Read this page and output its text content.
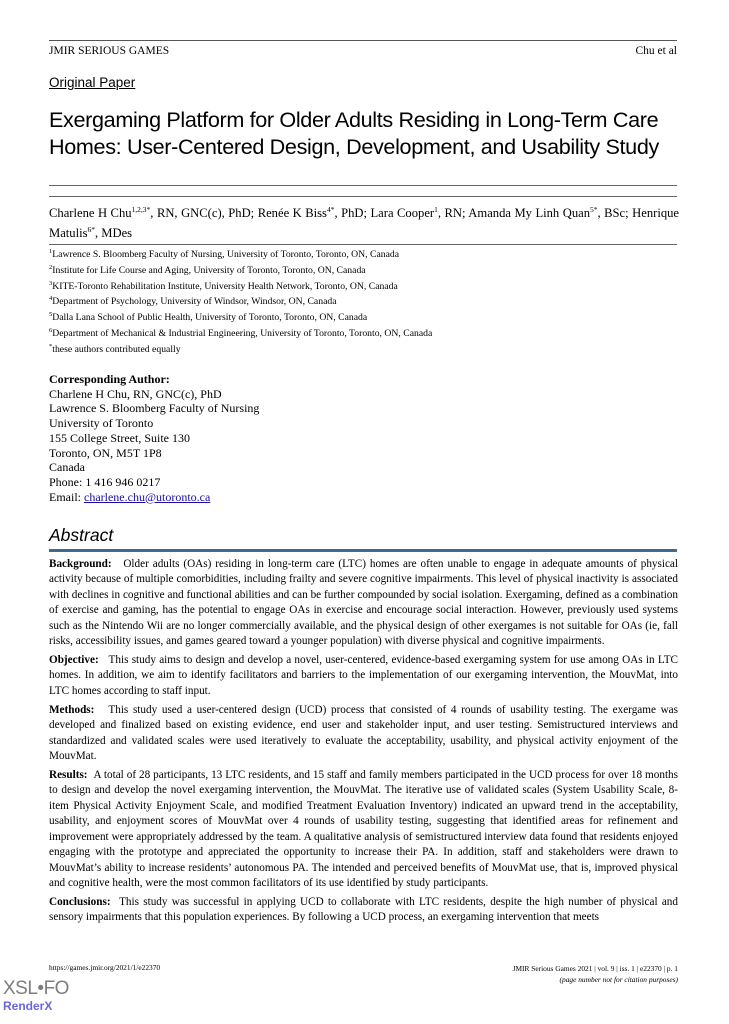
JMIR SERIOUS GAMES	Chu et al
Original Paper
Exergaming Platform for Older Adults Residing in Long-Term Care Homes: User-Centered Design, Development, and Usability Study
Charlene H Chu$^{1,2,3*}$, RN, GNC(c), PhD; Renée K Biss$^{4*}$, PhD; Lara Cooper$^1$, RN; Amanda My Linh Quan$^{5*}$, BSc; Henrique Matulis$^{6*}$, MDes
$^1$Lawrence S. Bloomberg Faculty of Nursing, University of Toronto, Toronto, ON, Canada
$^2$Institute for Life Course and Aging, University of Toronto, Toronto, ON, Canada
$^3$KITE-Toronto Rehabilitation Institute, University Health Network, Toronto, ON, Canada
$^4$Department of Psychology, University of Windsor, Windsor, ON, Canada
$^5$Dalla Lana School of Public Health, University of Toronto, Toronto, ON, Canada
$^6$Department of Mechanical & Industrial Engineering, University of Toronto, Toronto, ON, Canada
*these authors contributed equally
Corresponding Author:
Charlene H Chu, RN, GNC(c), PhD
Lawrence S. Bloomberg Faculty of Nursing
University of Toronto
155 College Street, Suite 130
Toronto, ON, M5T 1P8
Canada
Phone: 1 416 946 0217
Email: charlene.chu@utoronto.ca
Abstract

Background: Older adults (OAs) residing in long-term care (LTC) homes are often unable to engage in adequate amounts of physical activity because of multiple comorbidities, including frailty and severe cognitive impairments. This level of physical inactivity is associated with declines in cognitive and functional abilities and can be further compounded by social isolation. Exergaming, defined as a combination of exercise and gaming, has the potential to engage OAs in exercise and encourage social interaction. However, previously used systems such as the Nintendo Wii are no longer commercially available, and the physical design of other exergames is not suitable for OAs (ie, fall risks, accessibility issues, and games geared toward a younger population) with diverse physical and cognitive impairments.

Objective: This study aims to design and develop a novel, user-centered, evidence-based exergaming system for use among OAs in LTC homes. In addition, we aim to identify facilitators and barriers to the implementation of our exergaming intervention, the MouvMat, into LTC homes according to staff input.

Methods: This study used a user-centered design (UCD) process that consisted of 4 rounds of usability testing. The exergame was developed and finalized based on existing evidence, end user and stakeholder input, and user testing. Semistructured interviews and standardized and validated scales were used iteratively to evaluate the acceptability, usability, and physical activity enjoyment of the MouvMat.

Results: A total of 28 participants, 13 LTC residents, and 15 staff and family members participated in the UCD process for over 18 months to design and develop the novel exergaming intervention, the MouvMat. The iterative use of validated scales (System Usability Scale, 8-item Physical Activity Enjoyment Scale, and modified Treatment Evaluation Inventory) indicated an upward trend in the acceptability, usability, and enjoyment scores of MouvMat over 4 rounds of usability testing, suggesting that identified areas for refinement and improvement were appropriately addressed by the team. A qualitative analysis of semistructured interview data found that residents enjoyed engaging with the prototype and appreciated the opportunity to increase their PA. In addition, staff and stakeholders were drawn to MouvMat’s ability to increase residents’ autonomous PA. The intended and perceived benefits of MouvMat use, that is, improved physical and cognitive health, were the most common facilitators of its use identified by study participants.

Conclusions: This study was successful in applying UCD to collaborate with LTC residents, despite the high number of physical and sensory impairments that this population experiences. By following a UCD process, an exergaming intervention that meets

https://games.jmir.org/2021/1/e22370	JMIR Serious Games 2021 | vol. 9 | iss. 1 | e22370 | p. 1
(page number not for citation purposes)
XSL•FO
RenderX
